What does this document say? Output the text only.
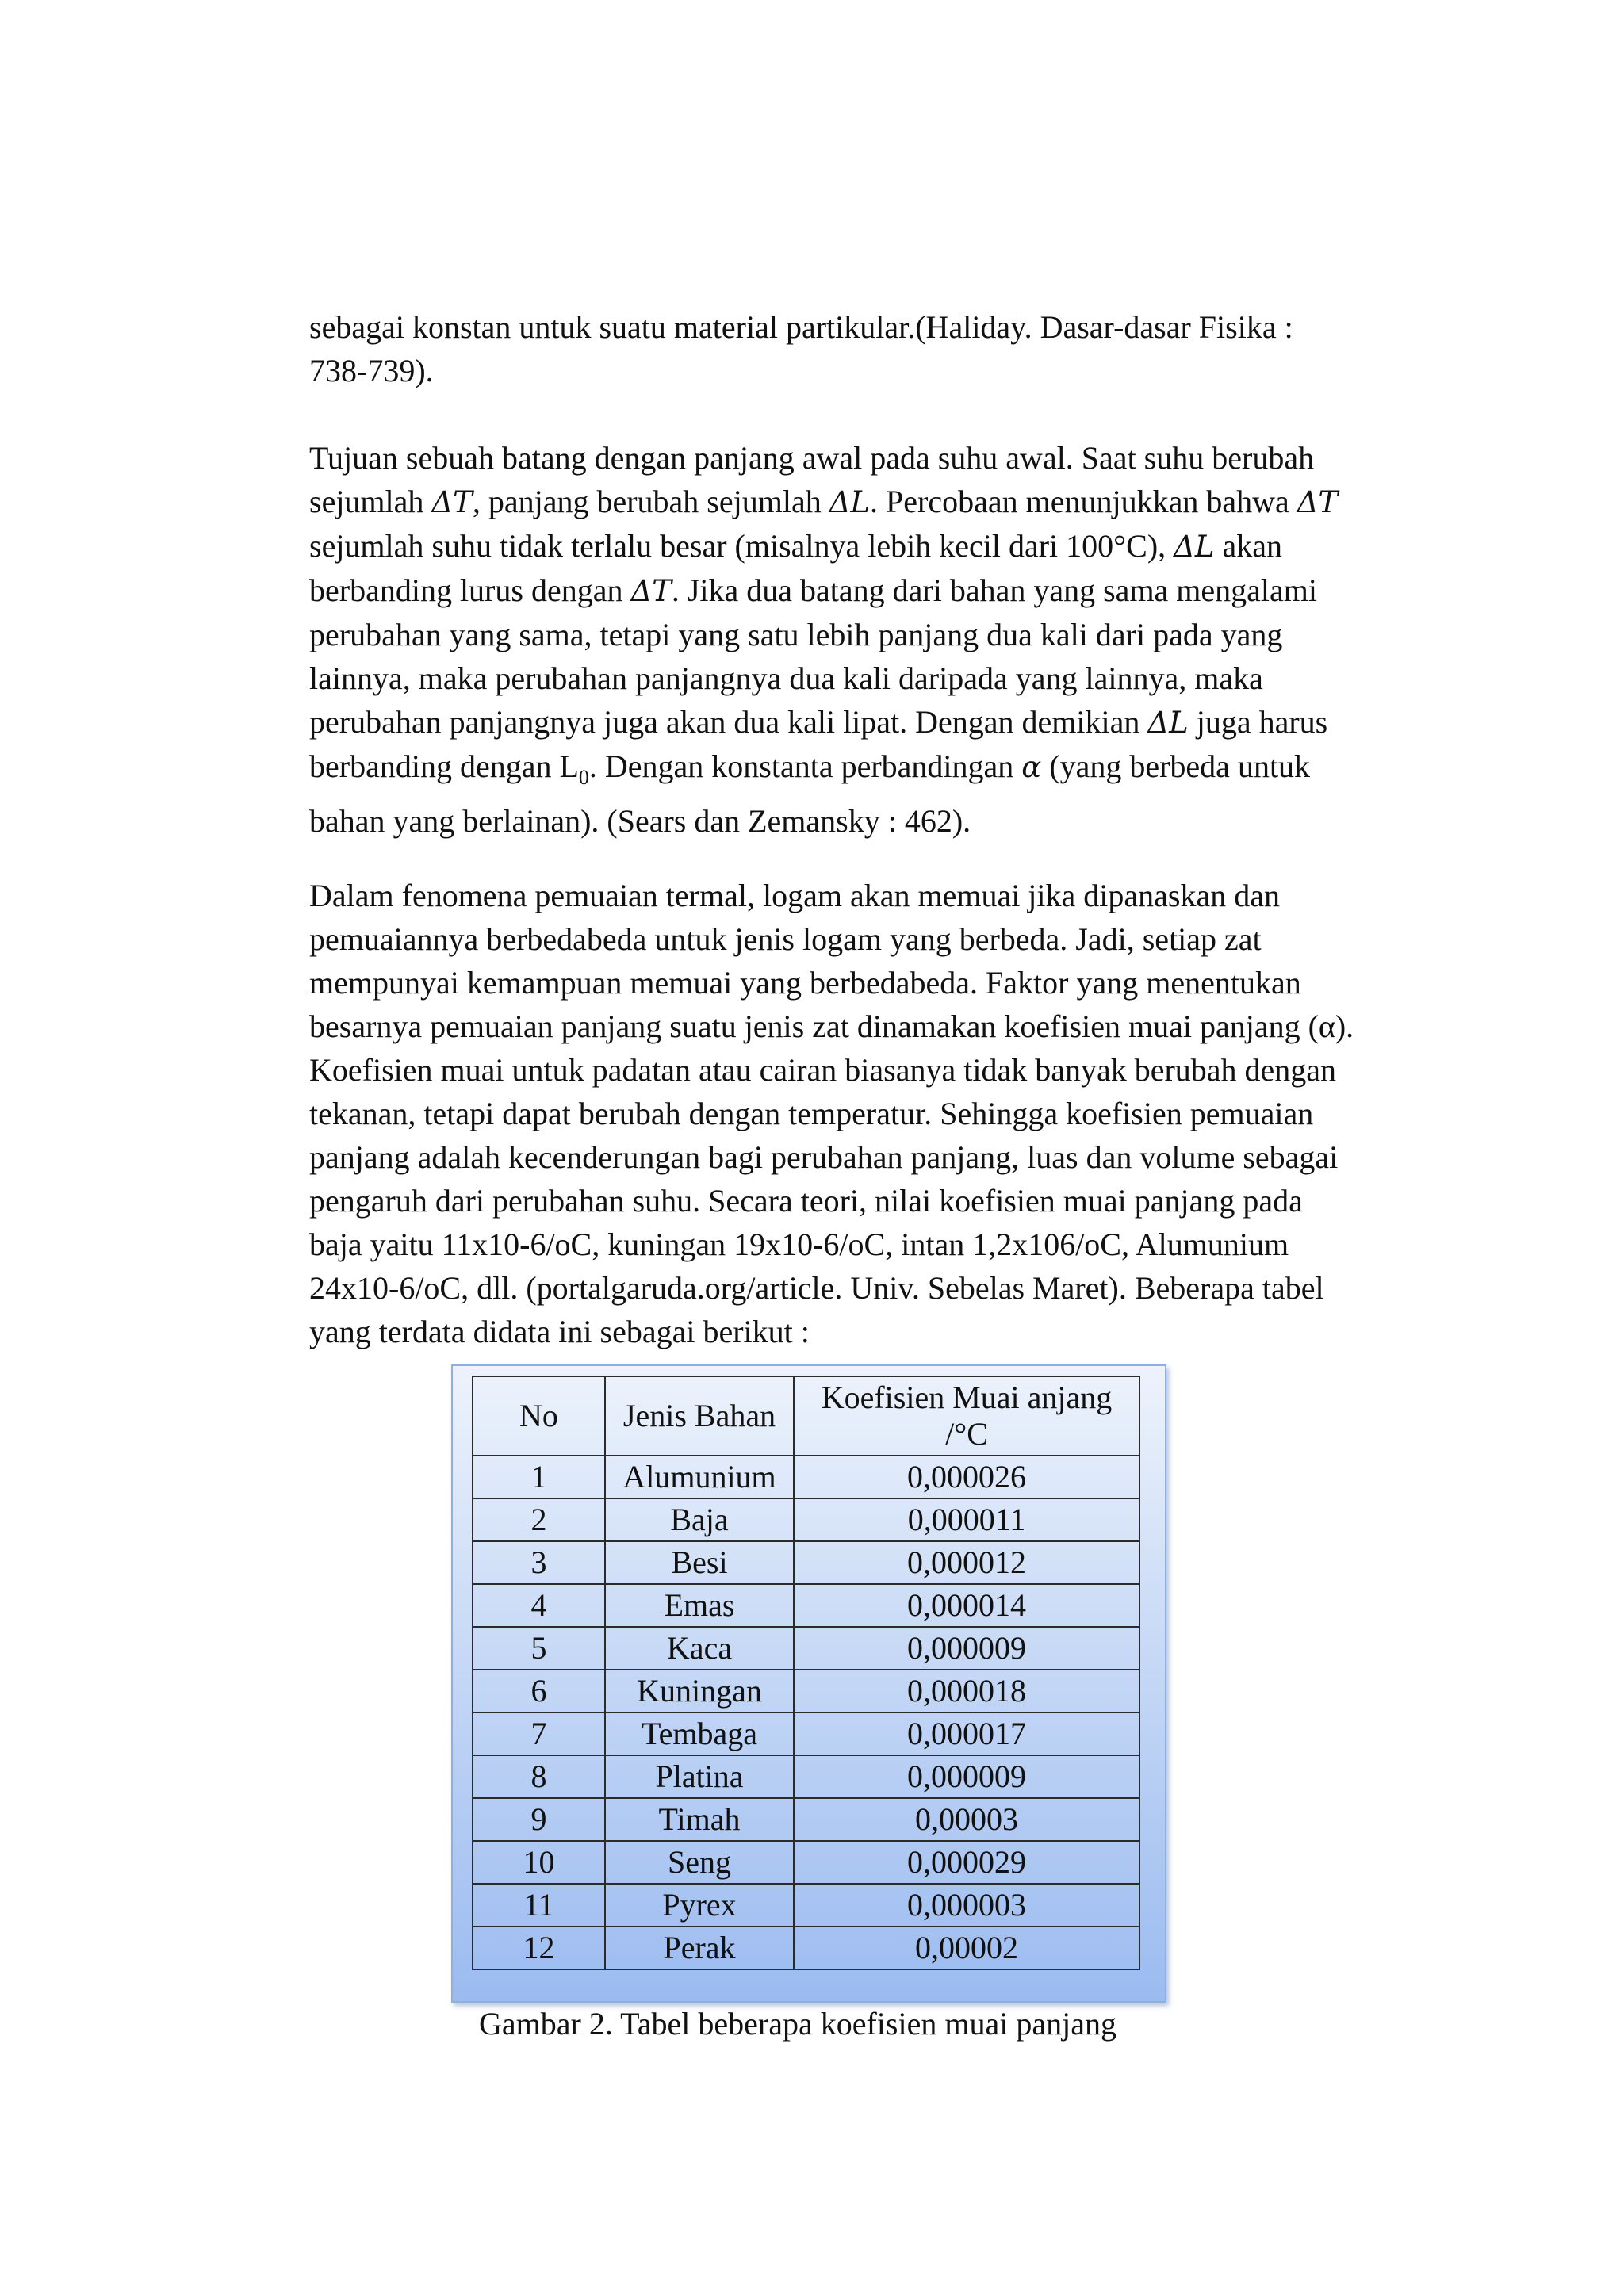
sebagai konstan untuk suatu material partikular.(Haliday. Dasar-dasar Fisika :
738-739).

Tujuan sebuah batang dengan panjang awal pada suhu awal. Saat suhu berubah
sejumlah ΔT, panjang berubah sejumlah ΔL. Percobaan menunjukkan bahwa ΔT
sejumlah suhu tidak terlalu besar (misalnya lebih kecil dari 100°C), ΔL akan
berbanding lurus dengan ΔT. Jika dua batang dari bahan yang sama mengalami
perubahan yang sama, tetapi yang satu lebih panjang dua kali dari pada yang
lainnya, maka perubahan panjangnya dua kali daripada yang lainnya, maka
perubahan panjangnya juga akan dua kali lipat. Dengan demikian ΔL juga harus
berbanding dengan $L_0$. Dengan konstanta perbandingan α (yang berbeda untuk
bahan yang berlainan). (Sears dan Zemansky : 462).

Dalam fenomena pemuaian termal, logam akan memuai jika dipanaskan dan
pemuaiannya berbedabeda untuk jenis logam yang berbeda. Jadi, setiap zat
mempunyai kemampuan memuai yang berbedabeda. Faktor yang menentukan
besarnya pemuaian panjang suatu jenis zat dinamakan koefisien muai panjang (α).
Koefisien muai untuk padatan atau cairan biasanya tidak banyak berubah dengan
tekanan, tetapi dapat berubah dengan temperatur. Sehingga koefisien pemuaian
panjang adalah kecenderungan bagi perubahan panjang, luas dan volume sebagai
pengaruh dari perubahan suhu. Secara teori, nilai koefisien muai panjang pada
baja yaitu 11x10-6/oC, kuningan 19x10-6/oC, intan 1,2x106/oC, Alumunium
24x10-6/oC, dll. (portalgaruda.org/article. Univ. Sebelas Maret). Beberapa tabel
yang terdata didata ini sebagai berikut :

No	Jenis Bahan	Koefisien Muai anjang
/°C
1	Alumunium	0,000026
2	Baja	0,000011
3	Besi	0,000012
4	Emas	0,000014
5	Kaca	0,000009
6	Kuningan	0,000018
7	Tembaga	0,000017
8	Platina	0,000009
9	Timah	0,00003
10	Seng	0,000029
11	Pyrex	0,000003
12	Perak	0,00002
Gambar 2. Tabel beberapa koefisien muai panjang
